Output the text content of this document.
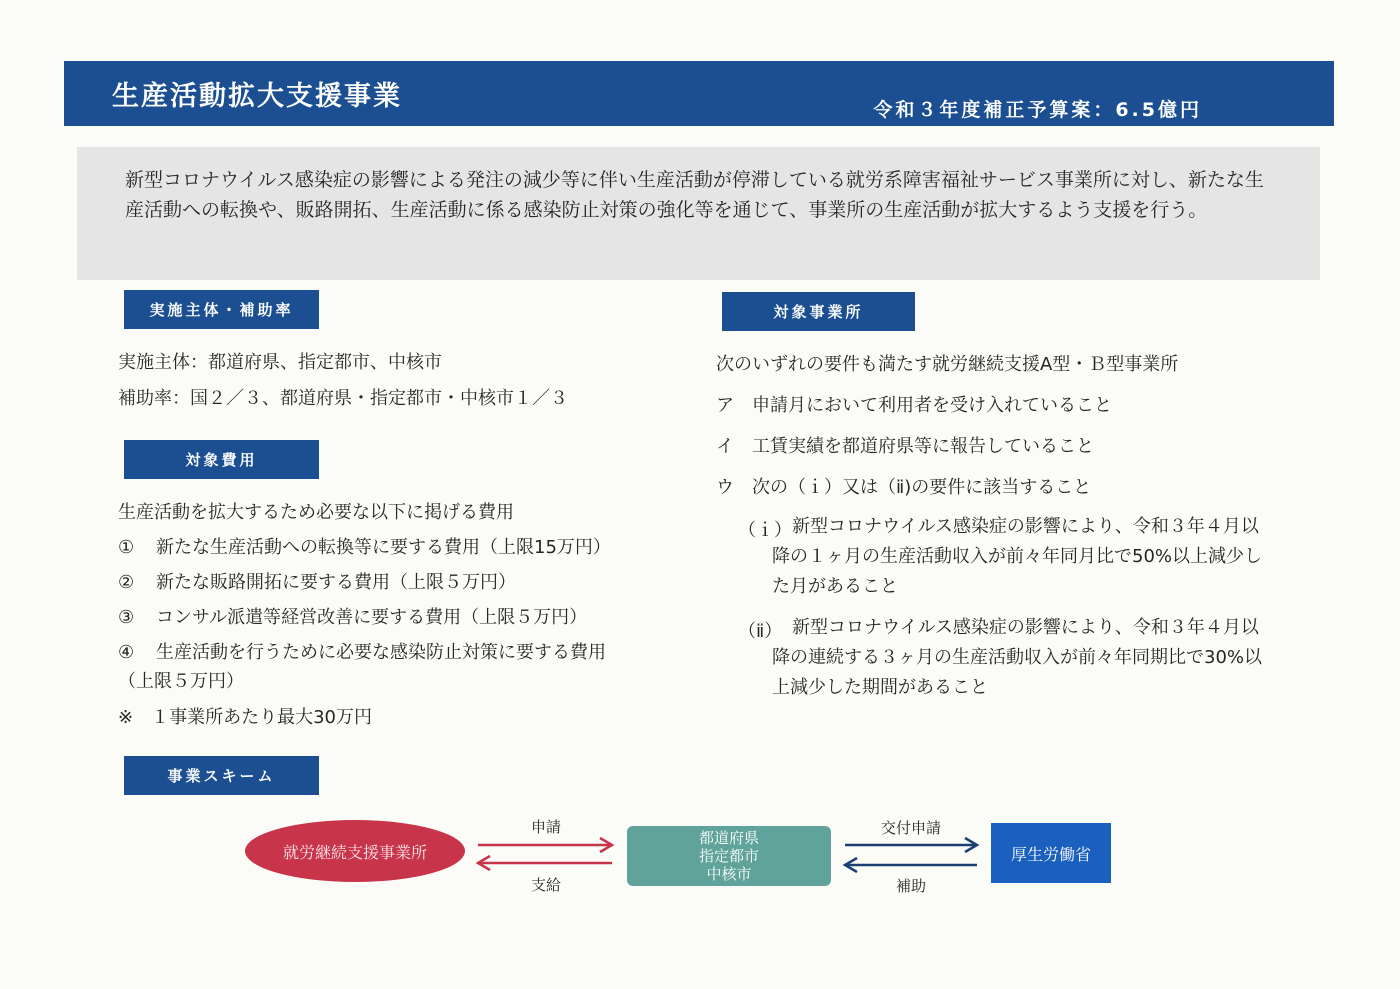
生産活動拡大支援事業	令和３年度補正予算案：6.5億円

新型コロナウイルス感染症の影響による発注の減少等に伴い生産活動が停滞している就労系障害福祉サービス事業所に対し、新たな生産活動への転換や、販路開拓、生産活動に係る感染防止対策の強化等を通じて、事業所の生産活動が拡大するよう支援を行う。

実施主体・補助率

実施主体：都道府県、指定都市、中核市

補助率：国２／３、都道府県・指定都市・中核市１／３

対象費用

生産活動を拡大するため必要な以下に掲げる費用

① 新たな生産活動への転換等に要する費用（上限15万円）

② 新たな販路開拓に要する費用（上限５万円）

③ コンサル派遣等経営改善に要する費用（上限５万円）

④ 生産活動を行うために必要な感染防止対策に要する費用

（上限５万円）

※　１事業所あたり最大30万円

対象事業所

次のいずれの要件も満たす就労継続支援A型・Ｂ型事業所

ア　申請月において利用者を受け入れていること

イ　工賃実績を都道府県等に報告していること

ウ　次の（ｉ）又は（ⅱ)の要件に該当すること

（ｉ） 新型コロナウイルス感染症の影響により、令和３年４月以降の１ヶ月の生産活動収入が前々年同月比で50%以上減少した月があること

（ⅱ） 新型コロナウイルス感染症の影響により、令和３年４月以降の連続する３ヶ月の生産活動収入が前々年同期比で30%以上減少した期間があること

事業スキーム
就労継続支援事業所
都道府県
指定都市
中核市
厚生労働省
申請
支給
交付申請
補助
